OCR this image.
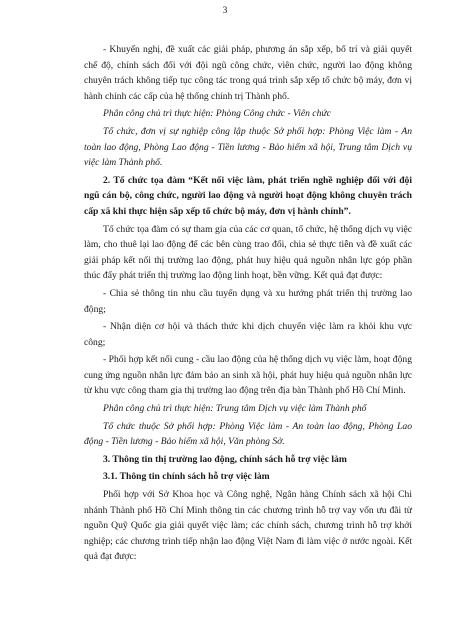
3

- Khuyến nghị, đề xuất các giải pháp, phương án sắp xếp, bố trí và giải quyết chế độ, chính sách đối với đội ngũ công chức, viên chức, người lao động không chuyên trách không tiếp tục công tác trong quá trình sắp xếp tổ chức bộ máy, đơn vị hành chính các cấp của hệ thống chính trị Thành phố.

Phân công chủ trì thực hiện: Phòng Công chức - Viên chức

Tổ chức, đơn vị sự nghiệp công lập thuộc Sở phối hợp: Phòng Việc làm - An toàn lao động, Phòng Lao động - Tiền lương - Bảo hiểm xã hội, Trung tâm Dịch vụ việc làm Thành phố.

2. Tổ chức tọa đàm “Kết nối việc làm, phát triển nghề nghiệp đối với đội ngũ cán bộ, công chức, người lao động và người hoạt động không chuyên trách cấp xã khi thực hiện sắp xếp tổ chức bộ máy, đơn vị hành chính”.

Tổ chức tọa đàm có sự tham gia của các cơ quan, tổ chức, hệ thống dịch vụ việc làm, cho thuê lại lao động để các bên cùng trao đổi, chia sẻ thực tiễn và đề xuất các giải pháp kết nối thị trường lao động, phát huy hiệu quả nguồn nhân lực góp phần thúc đẩy phát triển thị trường lao động linh hoạt, bền vững. Kết quả đạt được:

- Chia sẻ thông tin nhu cầu tuyển dụng và xu hướng phát triển thị trường lao động;

- Nhận diện cơ hội và thách thức khi dịch chuyển việc làm ra khỏi khu vực công;

- Phối hợp kết nối cung - cầu lao động của hệ thống dịch vụ việc làm, hoạt động cung ứng nguồn nhân lực đảm bảo an sinh xã hội, phát huy hiệu quả nguồn nhân lực từ khu vực công tham gia thị trường lao động trên địa bàn Thành phố Hồ Chí Minh.

Phân công chủ trì thực hiện: Trung tâm Dịch vụ việc làm Thành phố

Tổ chức thuộc Sở phối hợp: Phòng Việc làm - An toàn lao động, Phòng Lao động - Tiền lương - Bảo hiểm xã hội, Văn phòng Sở.

3. Thông tin thị trường lao động, chính sách hỗ trợ việc làm

3.1. Thông tin chính sách hỗ trợ việc làm

Phối hợp với Sở Khoa học và Công nghệ, Ngân hàng Chính sách xã hội Chi nhánh Thành phố Hồ Chí Minh thông tin các chương trình hỗ trợ vay vốn ưu đãi từ nguồn Quỹ Quốc gia giải quyết việc làm; các chính sách, chương trình hỗ trợ khởi nghiệp; các chương trình tiếp nhận lao động Việt Nam đi làm việc ở nước ngoài. Kết quả đạt được:
